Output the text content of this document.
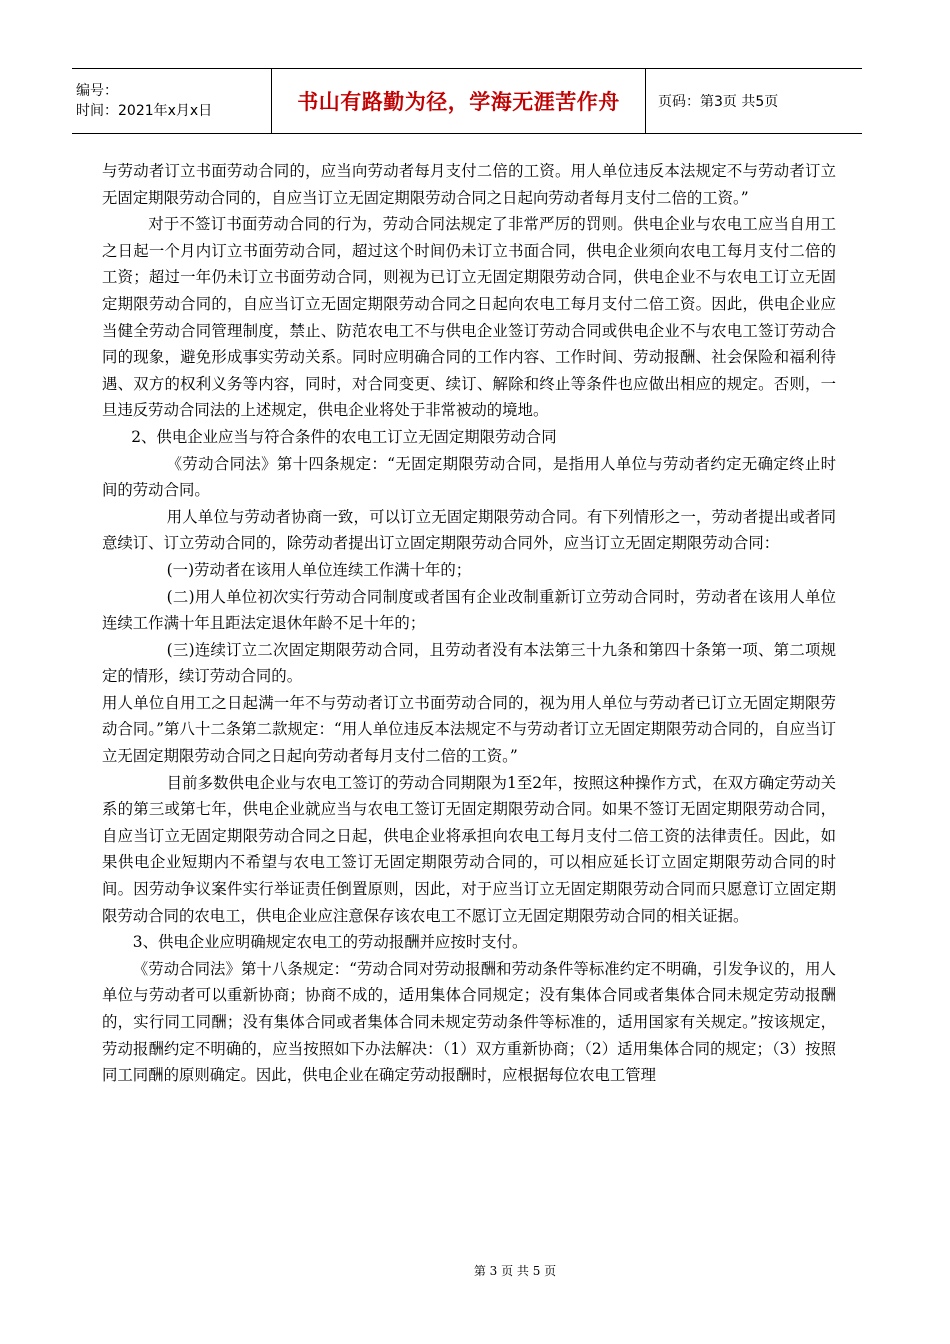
编号：
时间：2021年x月x日	书山有路勤为径，学海无涯苦作舟	页码：第3页 共5页

与劳动者订立书面劳动合同的，应当向劳动者每月支付二倍的工资。用人单位违反本法规定不与劳动者订立无固定期限劳动合同的，自应当订立无固定期限劳动合同之日起向劳动者每月支付二倍的工资。”

对于不签订书面劳动合同的行为，劳动合同法规定了非常严厉的罚则。供电企业与农电工应当自用工之日起一个月内订立书面劳动合同，超过这个时间仍未订立书面合同，供电企业须向农电工每月支付二倍的工资；超过一年仍未订立书面劳动合同，则视为已订立无固定期限劳动合同，供电企业不与农电工订立无固定期限劳动合同的，自应当订立无固定期限劳动合同之日起向农电工每月支付二倍工资。因此，供电企业应当健全劳动合同管理制度，禁止、防范农电工不与供电企业签订劳动合同或供电企业不与农电工签订劳动合同的现象，避免形成事实劳动关系。同时应明确合同的工作内容、工作时间、劳动报酬、社会保险和福利待遇、双方的权利义务等内容，同时，对合同变更、续订、解除和终止等条件也应做出相应的规定。否则，一旦违反劳动合同法的上述规定，供电企业将处于非常被动的境地。

2、供电企业应当与符合条件的农电工订立无固定期限劳动合同

《劳动合同法》第十四条规定：“无固定期限劳动合同，是指用人单位与劳动者约定无确定终止时间的劳动合同。

用人单位与劳动者协商一致，可以订立无固定期限劳动合同。有下列情形之一，劳动者提出或者同意续订、订立劳动合同的，除劳动者提出订立固定期限劳动合同外，应当订立无固定期限劳动合同：

(一)劳动者在该用人单位连续工作满十年的；

(二)用人单位初次实行劳动合同制度或者国有企业改制重新订立劳动合同时，劳动者在该用人单位连续工作满十年且距法定退休年龄不足十年的；

(三)连续订立二次固定期限劳动合同，且劳动者没有本法第三十九条和第四十条第一项、第二项规定的情形，续订劳动合同的。

用人单位自用工之日起满一年不与劳动者订立书面劳动合同的，视为用人单位与劳动者已订立无固定期限劳动合同。”第八十二条第二款规定：“用人单位违反本法规定不与劳动者订立无固定期限劳动合同的，自应当订立无固定期限劳动合同之日起向劳动者每月支付二倍的工资。”

目前多数供电企业与农电工签订的劳动合同期限为1至2年，按照这种操作方式，在双方确定劳动关系的第三或第七年，供电企业就应当与农电工签订无固定期限劳动合同。如果不签订无固定期限劳动合同，自应当订立无固定期限劳动合同之日起，供电企业将承担向农电工每月支付二倍工资的法律责任。因此，如果供电企业短期内不希望与农电工签订无固定期限劳动合同的，可以相应延长订立固定期限劳动合同的时间。因劳动争议案件实行举证责任倒置原则，因此，对于应当订立无固定期限劳动合同而只愿意订立固定期限劳动合同的农电工，供电企业应注意保存该农电工不愿订立无固定期限劳动合同的相关证据。

3、供电企业应明确规定农电工的劳动报酬并应按时支付。

《劳动合同法》第十八条规定：“劳动合同对劳动报酬和劳动条件等标准约定不明确，引发争议的，用人单位与劳动者可以重新协商；协商不成的，适用集体合同规定；没有集体合同或者集体合同未规定劳动报酬的，实行同工同酬；没有集体合同或者集体合同未规定劳动条件等标准的，适用国家有关规定。”按该规定，劳动报酬约定不明确的，应当按照如下办法解决：（1）双方重新协商；（2）适用集体合同的规定；（3）按照同工同酬的原则确定。因此，供电企业在确定劳动报酬时，应根据每位农电工管理

第 3 页 共 5 页
